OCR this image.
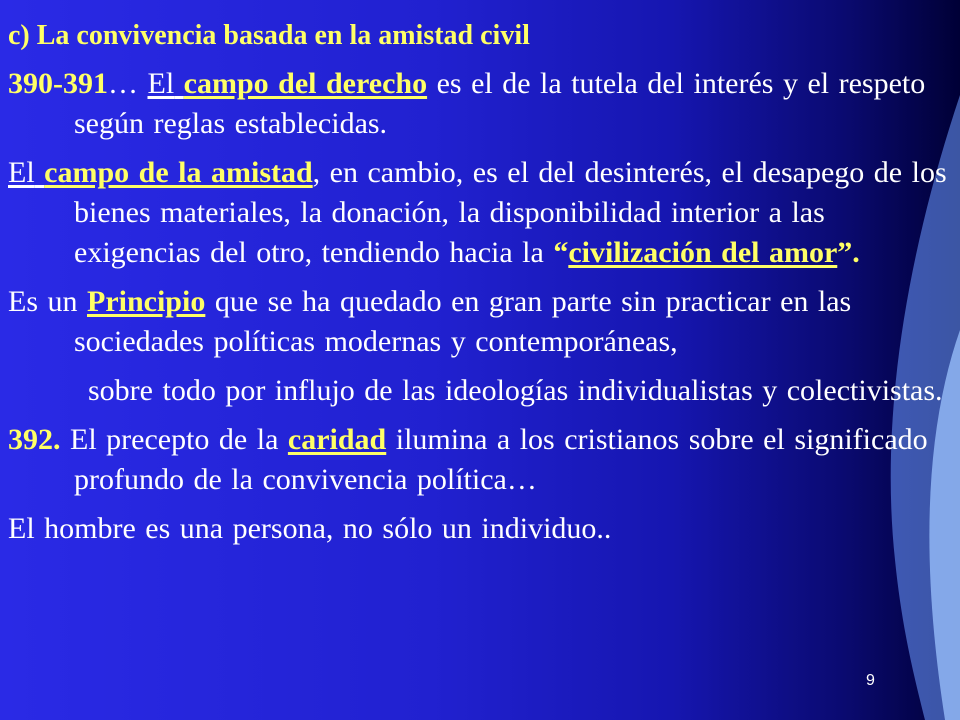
c) La convivencia basada en la amistad civil

390-391… El campo del derecho es el de la tutela del interés y el respeto según reglas establecidas.

El campo de la amistad, en cambio, es el del desinterés, el desapego de los bienes materiales, la donación, la disponibilidad interior a las exigencias del otro, tendiendo hacia la “civilización del amor”.

Es un Principio que se ha quedado en gran parte sin practicar en las sociedades políticas modernas y contemporáneas,

sobre todo por influjo de las ideologías individualistas y colectivistas.

392. El precepto de la caridad ilumina a los cristianos sobre el significado profundo de la convivencia política…

El hombre es una persona, no sólo un individuo..

9
